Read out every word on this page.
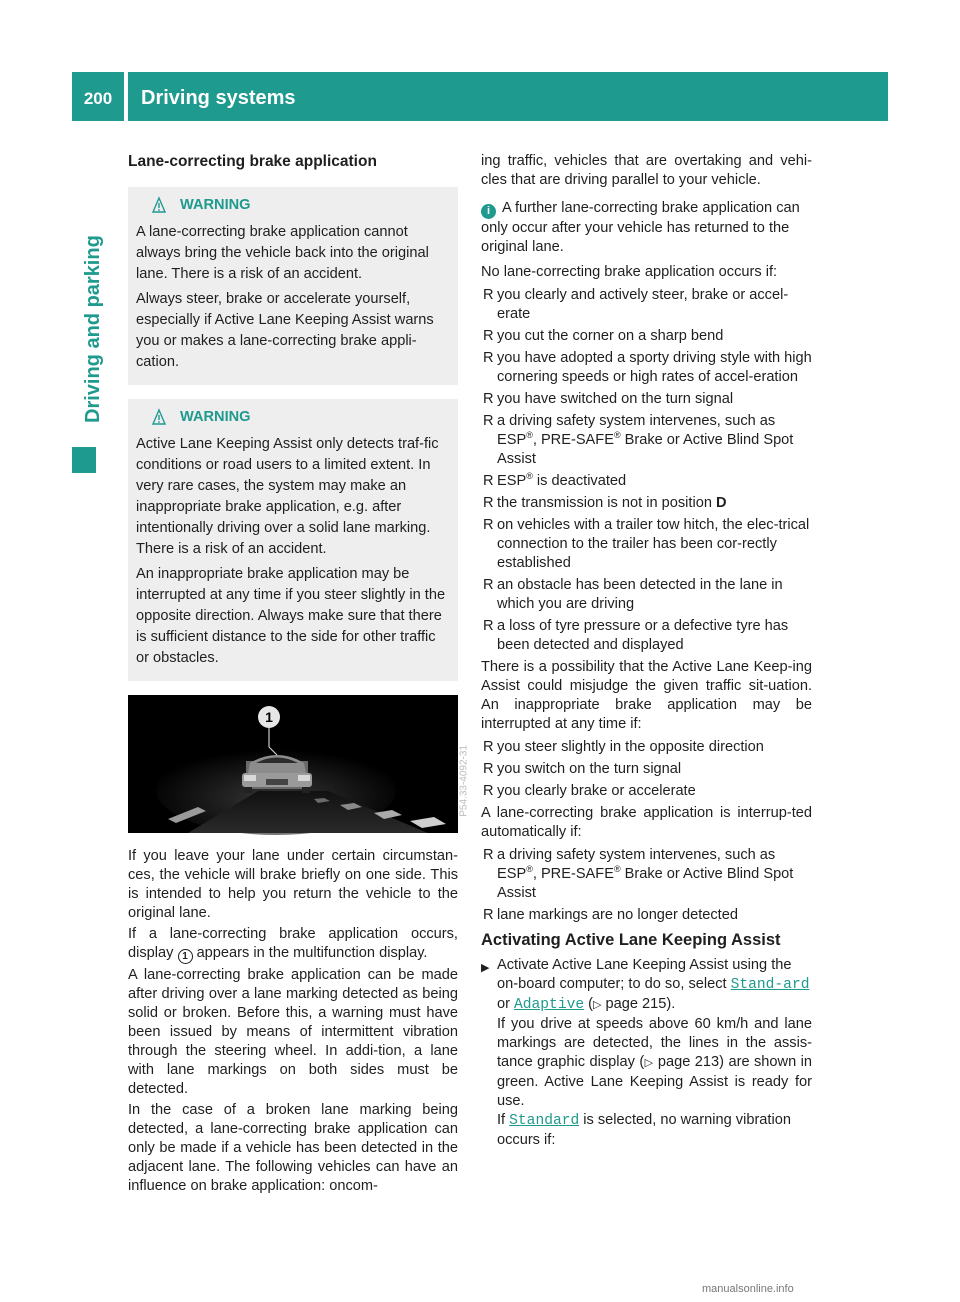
200	Driving systems
Driving and parking
Lane-correcting brake application
WARNING
A lane-correcting brake application cannot always bring the vehicle back into the original lane. There is a risk of an accident.
Always steer, brake or accelerate yourself, especially if Active Lane Keeping Assist warns you or makes a lane-correcting brake appli-cation.
WARNING
Active Lane Keeping Assist only detects traf-fic conditions or road users to a limited extent. In very rare cases, the system may make an inappropriate brake application, e.g. after intentionally driving over a solid lane marking. There is a risk of an accident.
An inappropriate brake application may be interrupted at any time if you steer slightly in the opposite direction. Always make sure that there is sufficient distance to the side for other traffic or obstacles.
1
P54.33-4092-31

If you leave your lane under certain circumstan-ces, the vehicle will brake briefly on one side. This is intended to help you return the vehicle to the original lane.

If a lane-correcting brake application occurs, display 1 appears in the multifunction display.

A lane-correcting brake application can be made after driving over a lane marking detected as being solid or broken. Before this, a warning must have been issued by means of intermittent vibration through the steering wheel. In addi-tion, a lane with lane markings on both sides must be detected.

In the case of a broken lane marking being detected, a lane-correcting brake application can only be made if a vehicle has been detected in the adjacent lane. The following vehicles can have an influence on brake application: oncom-

ing traffic, vehicles that are overtaking and vehi-cles that are driving parallel to your vehicle.

i A further lane-correcting brake application can only occur after your vehicle has returned to the original lane.

No lane-correcting brake application occurs if:

R you clearly and actively steer, brake or accel-erate
R you cut the corner on a sharp bend
R you have adopted a sporty driving style with high cornering speeds or high rates of accel-eration
R you have switched on the turn signal
R a driving safety system intervenes, such as ESP®, PRE-SAFE® Brake or Active Blind Spot Assist
R ESP® is deactivated
R the transmission is not in position D
R on vehicles with a trailer tow hitch, the elec-trical connection to the trailer has been cor-rectly established
R an obstacle has been detected in the lane in which you are driving
R a loss of tyre pressure or a defective tyre has been detected and displayed

There is a possibility that the Active Lane Keep-ing Assist could misjudge the given traffic sit-uation. An inappropriate brake application may be interrupted at any time if:

R you steer slightly in the opposite direction
R you switch on the turn signal
R you clearly brake or accelerate

A lane-correcting brake application is interrup-ted automatically if:

R a driving safety system intervenes, such as ESP®, PRE-SAFE® Brake or Active Blind Spot Assist
R lane markings are no longer detected
Activating Active Lane Keeping Assist
▶ Activate Active Lane Keeping Assist using the on-board computer; to do so, select Stand‐ard or Adaptive (▷ page 215).
If you drive at speeds above 60 km/h and lane markings are detected, the lines in the assis-tance graphic display (▷ page 213) are shown in green. Active Lane Keeping Assist is ready for use.
If Standard is selected, no warning vibration occurs if:
manualsonline.info
